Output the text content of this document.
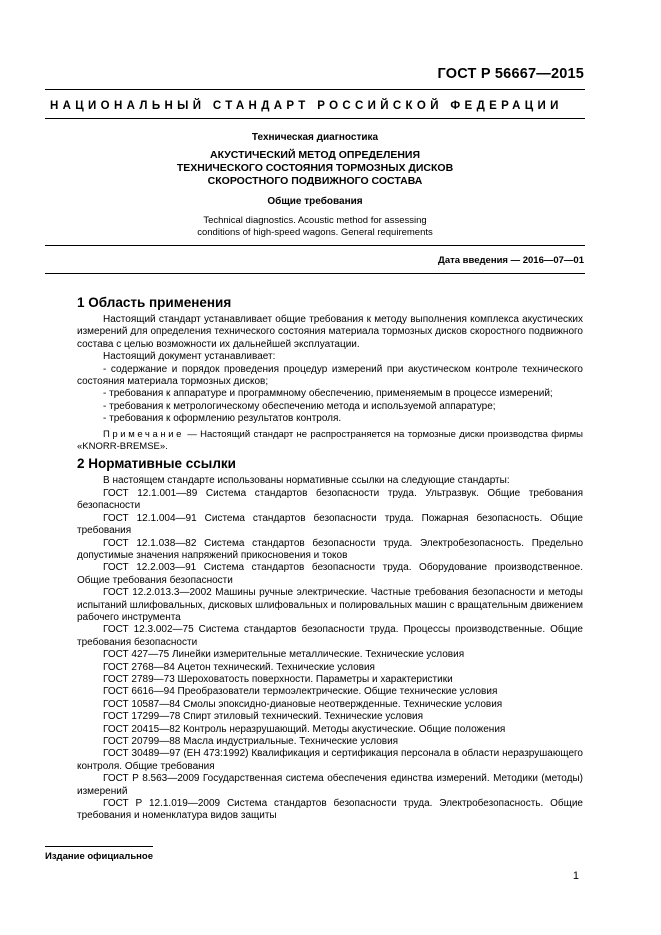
ГОСТ Р 56667—2015
НАЦИОНАЛЬНЫЙ СТАНДАРТ РОССИЙСКОЙ ФЕДЕРАЦИИ
Техническая диагностика
АКУСТИЧЕСКИЙ МЕТОД ОПРЕДЕЛЕНИЯ
ТЕХНИЧЕСКОГО СОСТОЯНИЯ ТОРМОЗНЫХ ДИСКОВ
СКОРОСТНОГО ПОДВИЖНОГО СОСТАВА
Общие требования
Technical diagnostics. Acoustic method for assessing
conditions of high-speed wagons. General requirements
Дата введения — 2016—07—01
1 Область применения

Настоящий стандарт устанавливает общие требования к методу выполнения комплекса акустических измерений для определения технического состояния материала тормозных дисков скоростного подвижного состава с целью возможности их дальнейшей эксплуатации.

Настоящий документ устанавливает:

- содержание и порядок проведения процедур измерений при акустическом контроле технического состояния материала тормозных дисков;

- требования к аппаратуре и программному обеспечению, применяемым в процессе измерений;

- требования к метрологическому обеспечению метода и используемой аппаратуре;

- требования к оформлению результатов контроля.

Примечание — Настоящий стандарт не распространяется на тормозные диски производства фирмы «KNORR-BREMSE».

2 Нормативные ссылки

В настоящем стандарте использованы нормативные ссылки на следующие стандарты:

ГОСТ 12.1.001—89 Система стандартов безопасности труда. Ультразвук. Общие требования безопасности

ГОСТ 12.1.004—91 Система стандартов безопасности труда. Пожарная безопасность. Общие требования

ГОСТ 12.1.038—82 Система стандартов безопасности труда. Электробезопасность. Предельно допустимые значения напряжений прикосновения и токов

ГОСТ 12.2.003—91 Система стандартов безопасности труда. Оборудование производственное. Общие требования безопасности

ГОСТ 12.2.013.3—2002 Машины ручные электрические. Частные требования безопасности и методы испытаний шлифовальных, дисковых шлифовальных и полировальных машин с вращательным движением рабочего инструмента

ГОСТ 12.3.002—75 Система стандартов безопасности труда. Процессы производственные. Общие требования безопасности

ГОСТ 427—75 Линейки измерительные металлические. Технические условия

ГОСТ 2768—84 Ацетон технический. Технические условия

ГОСТ 2789—73 Шероховатость поверхности. Параметры и характеристики

ГОСТ 6616—94 Преобразователи термоэлектрические. Общие технические условия

ГОСТ 10587—84 Смолы эпоксидно-диановые неотвержденные. Технические условия

ГОСТ 17299—78 Спирт этиловый технический. Технические условия

ГОСТ 20415—82 Контроль неразрушающий. Методы акустические. Общие положения

ГОСТ 20799—88 Масла индустриальные. Технические условия

ГОСТ 30489—97 (ЕН 473:1992) Квалификация и сертификация персонала в области неразрушающего контроля. Общие требования

ГОСТ Р 8.563—2009 Государственная система обеспечения единства измерений. Методики (методы) измерений

ГОСТ Р 12.1.019—2009 Система стандартов безопасности труда. Электробезопасность. Общие требования и номенклатура видов защиты

Издание официальное
1
